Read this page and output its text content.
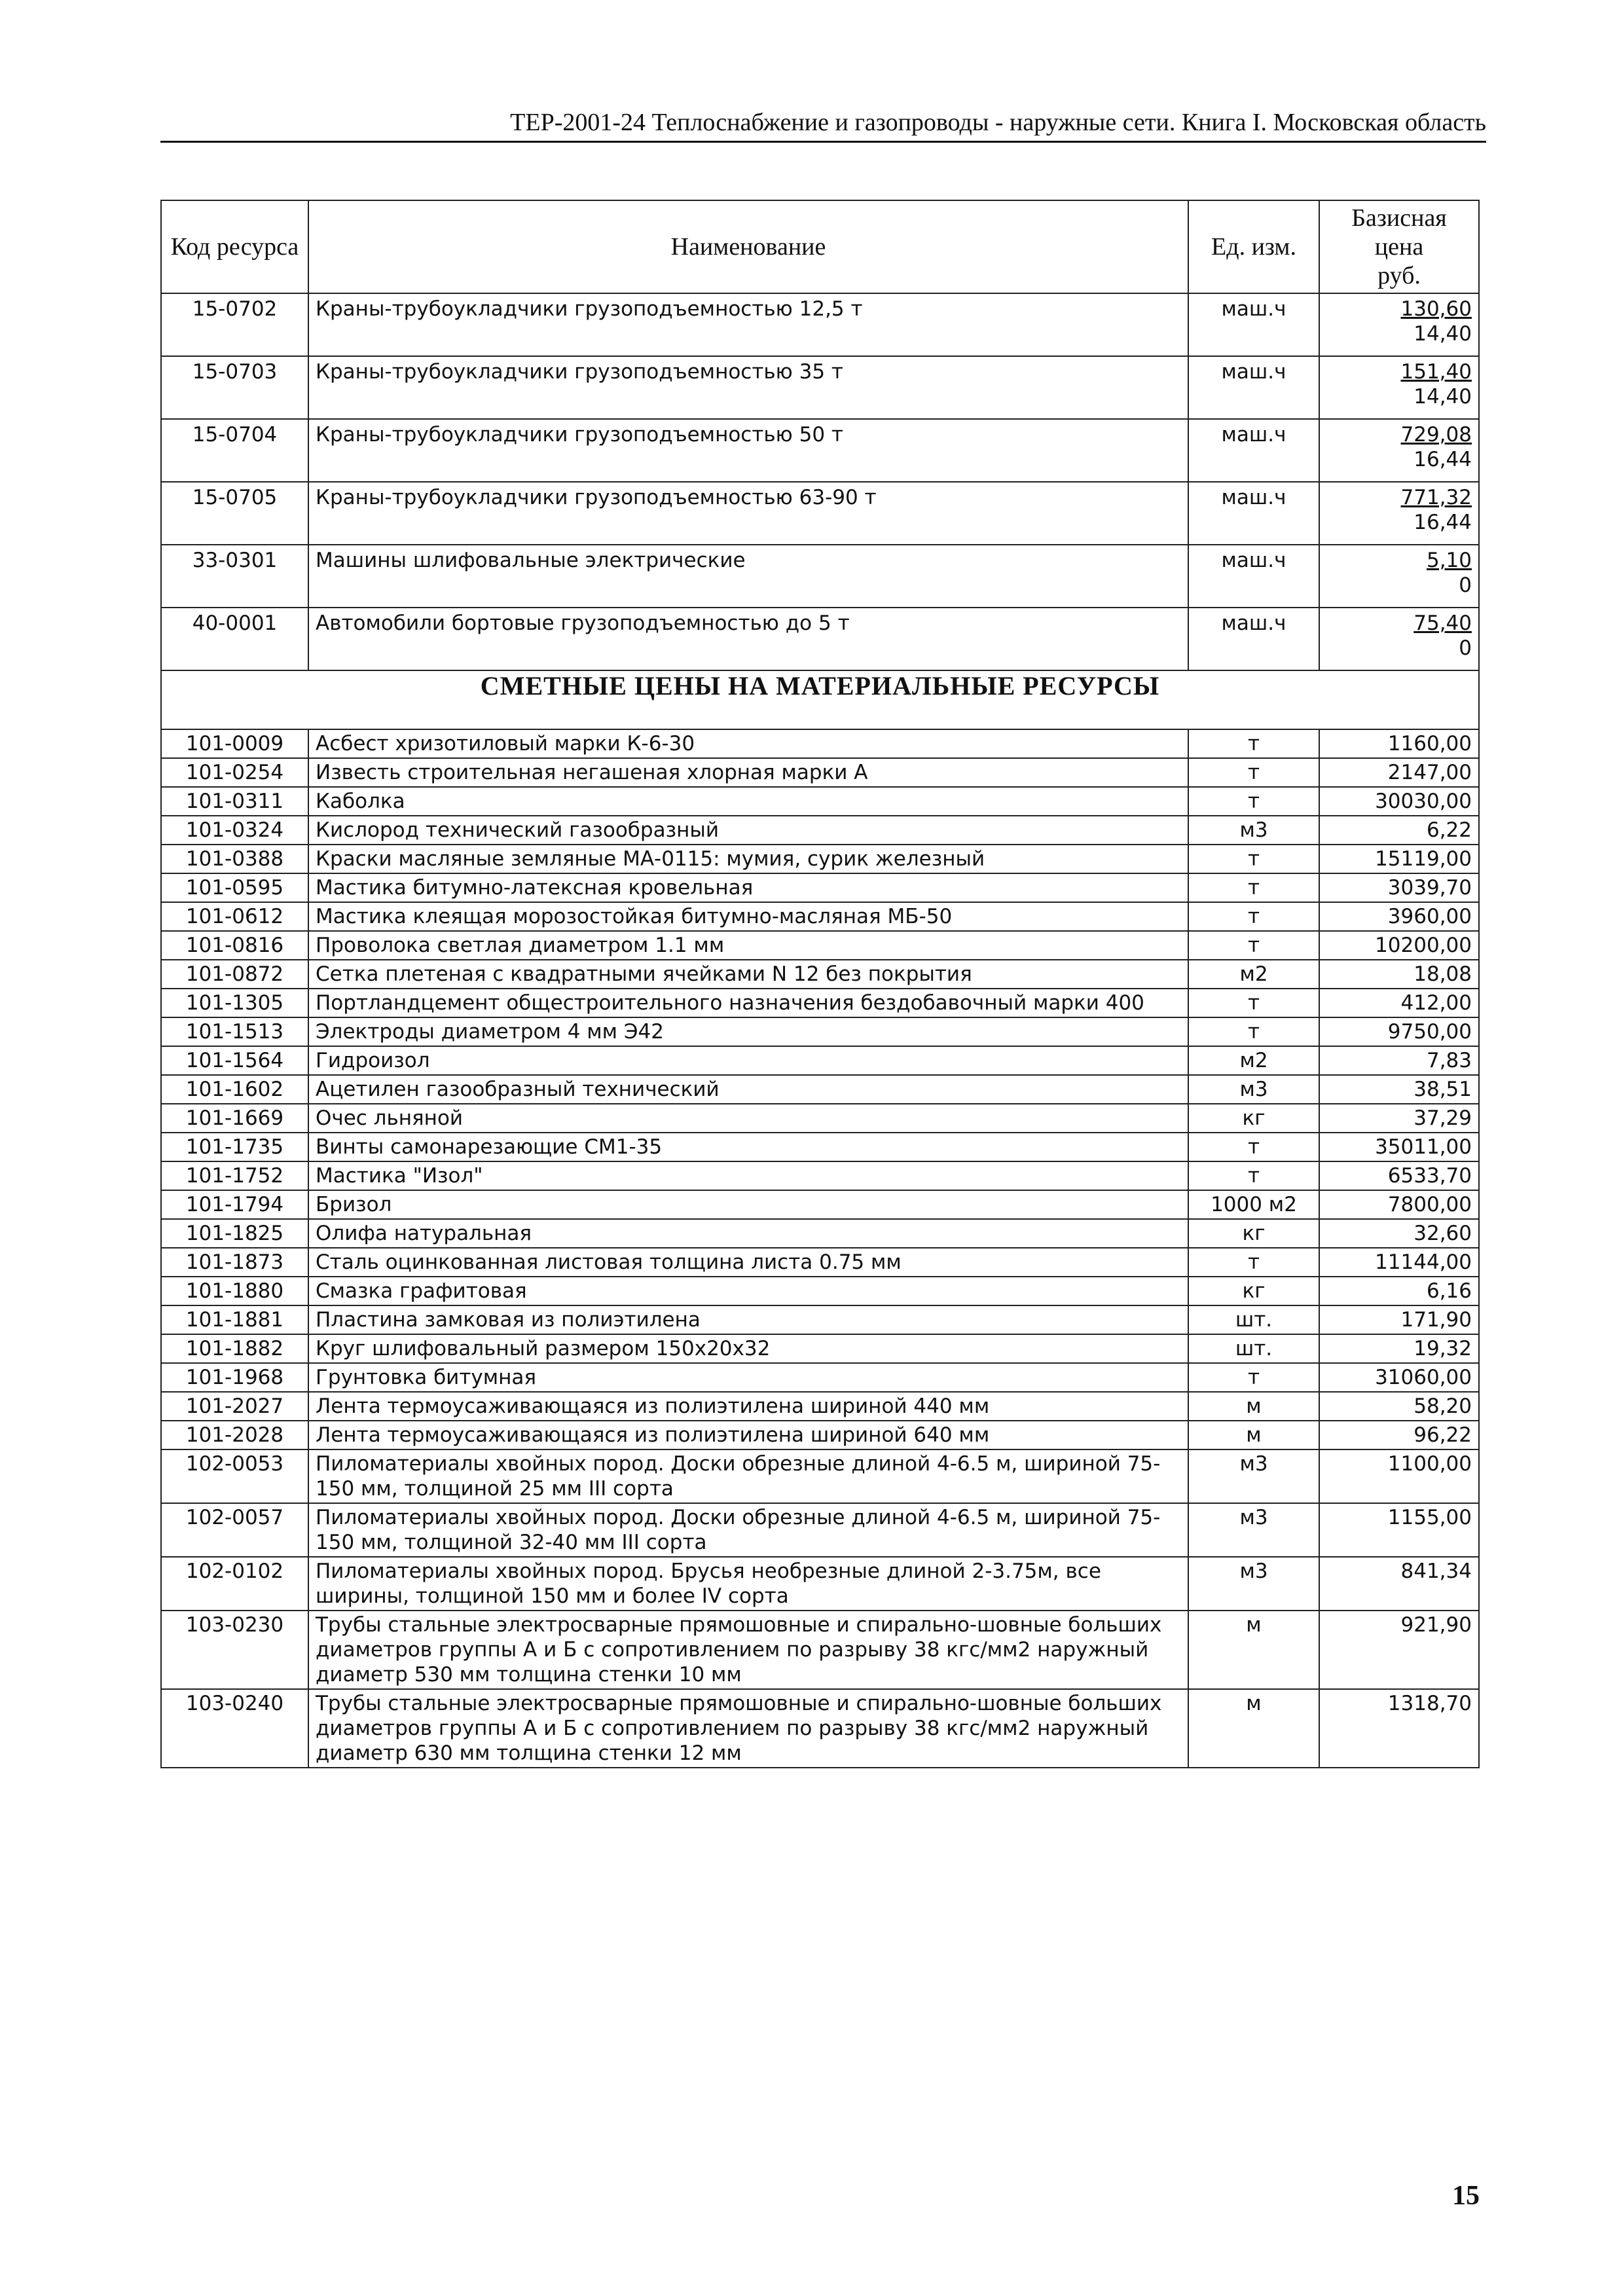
ТЕР-2001-24 Теплоснабжение и газопроводы - наружные сети. Книга I. Московская область
Код ресурса	Наименование	Ед. изм.	Базисная цена
руб.
15-0702	Краны-трубоукладчики грузоподъемностью 12,5 т	маш.ч	130,60
14,40

15-0703	Краны-трубоукладчики грузоподъемностью 35 т	маш.ч	151,40
14,40

15-0704	Краны-трубоукладчики грузоподъемностью 50 т	маш.ч	729,08
16,44

15-0705	Краны-трубоукладчики грузоподъемностью 63-90 т	маш.ч	771,32
16,44

33-0301	Машины шлифовальные электрические	маш.ч	5,10
0

40-0001	Автомобили бортовые грузоподъемностью до 5 т	маш.ч	75,40
0

СМЕТНЫЕ ЦЕНЫ НА МАТЕРИАЛЬНЫЕ РЕСУРСЫ			
101-0009	Асбест хризотиловый марки К-6-30	т	1160,00
101-0254	Известь строительная негашеная хлорная марки А	т	2147,00
101-0311	Каболка	т	30030,00
101-0324	Кислород технический газообразный	м3	6,22
101-0388	Краски масляные земляные МА-0115: мумия, сурик железный	т	15119,00
101-0595	Мастика битумно-латексная кровельная	т	3039,70
101-0612	Мастика клеящая морозостойкая битумно-масляная МБ-50	т	3960,00
101-0816	Проволока светлая диаметром 1.1 мм	т	10200,00
101-0872	Сетка плетеная с квадратными ячейками N 12 без покрытия	м2	18,08
101-1305	Портландцемент общестроительного назначения бездобавочный марки 400	т	412,00
101-1513	Электроды диаметром 4 мм Э42	т	9750,00
101-1564	Гидроизол	м2	7,83
101-1602	Ацетилен газообразный технический	м3	38,51
101-1669	Очес льняной	кг	37,29
101-1735	Винты самонарезающие СМ1-35	т	35011,00
101-1752	Мастика "Изол"	т	6533,70
101-1794	Бризол	1000 м2	7800,00
101-1825	Олифа натуральная	кг	32,60
101-1873	Сталь оцинкованная листовая толщина листа 0.75 мм	т	11144,00
101-1880	Смазка графитовая	кг	6,16
101-1881	Пластина замковая из полиэтилена	шт.	171,90
101-1882	Круг шлифовальный размером 150х20х32	шт.	19,32
101-1968	Грунтовка битумная	т	31060,00
101-2027	Лента термоусаживающаяся из полиэтилена шириной 440 мм	м	58,20
101-2028	Лента термоусаживающаяся из полиэтилена шириной 640 мм	м	96,22
102-0053	Пиломатериалы хвойных пород. Доски обрезные длиной 4-6.5 м, шириной 75-150 мм, толщиной 25 мм III сорта	м3	1100,00
102-0057	Пиломатериалы хвойных пород. Доски обрезные длиной 4-6.5 м, шириной 75-150 мм, толщиной 32-40 мм III сорта	м3	1155,00
102-0102	Пиломатериалы хвойных пород. Брусья необрезные длиной 2-3.75м, все ширины, толщиной 150 мм и более IV сорта	м3	841,34
103-0230	Трубы стальные электросварные прямошовные и спирально-шовные больших диаметров группы А и Б с сопротивлением по разрыву 38 кгс/мм2 наружный диаметр 530 мм толщина стенки 10 мм	м	921,90
103-0240	Трубы стальные электросварные прямошовные и спирально-шовные больших диаметров группы А и Б с сопротивлением по разрыву 38 кгс/мм2 наружный диаметр 630 мм толщина стенки 12 мм	м	1318,70
15
